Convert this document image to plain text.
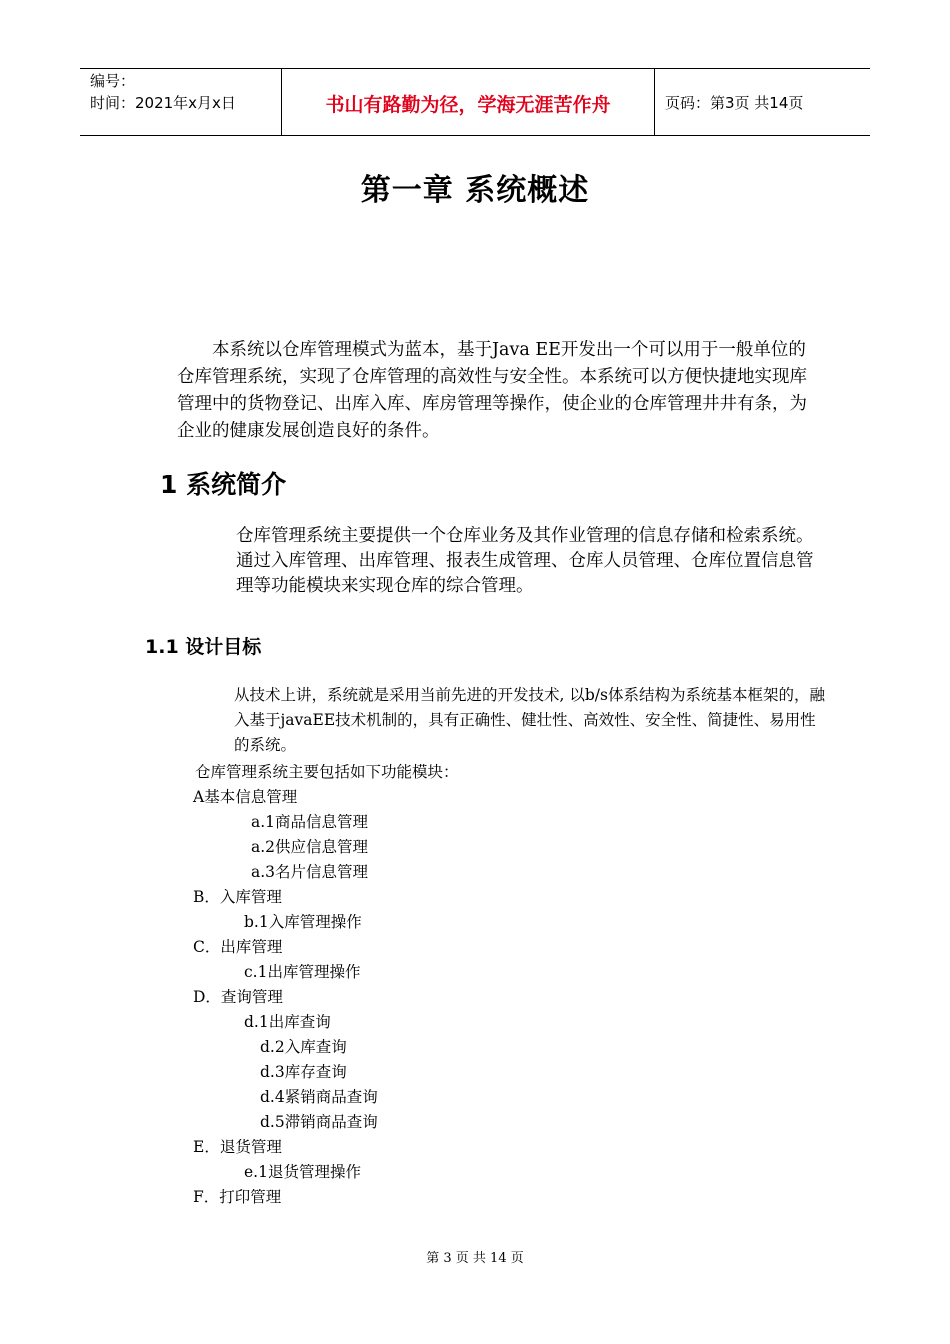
编号：
时间：2021年x月x日	书山有路勤为径，学海无涯苦作舟	页码：第3页 共14页
第一章 系统概述

本系统以仓库管理模式为蓝本，基于Java EE开发出一个可以用于一般单位的仓库管理系统，实现了仓库管理的高效性与安全性。本系统可以方便快捷地实现库管理中的货物登记、出库入库、库房管理等操作，使企业的仓库管理井井有条，为企业的健康发展创造良好的条件。

1 系统简介

仓库管理系统主要提供一个仓库业务及其作业管理的信息存储和检索系统。通过入库管理、出库管理、报表生成管理、仓库人员管理、仓库位置信息管理等功能模块来实现仓库的综合管理。

1.1 设计目标

从技术上讲，系统就是采用当前先进的开发技术, 以b/s体系结构为系统基本框架的，融入基于javaEE技术机制的，具有正确性、健壮性、高效性、安全性、简捷性、易用性的系统。

仓库管理系统主要包括如下功能模块：
A基本信息管理
a.1商品信息管理
a.2供应信息管理
a.3名片信息管理
B．入库管理
b.1入库管理操作
C．出库管理
c.1出库管理操作
D．查询管理
d.1出库查询
d.2入库查询
d.3库存查询
d.4紧销商品查询
d.5滞销商品查询
E．退货管理
e.1退货管理操作
F．打印管理
第 3 页 共 14 页
